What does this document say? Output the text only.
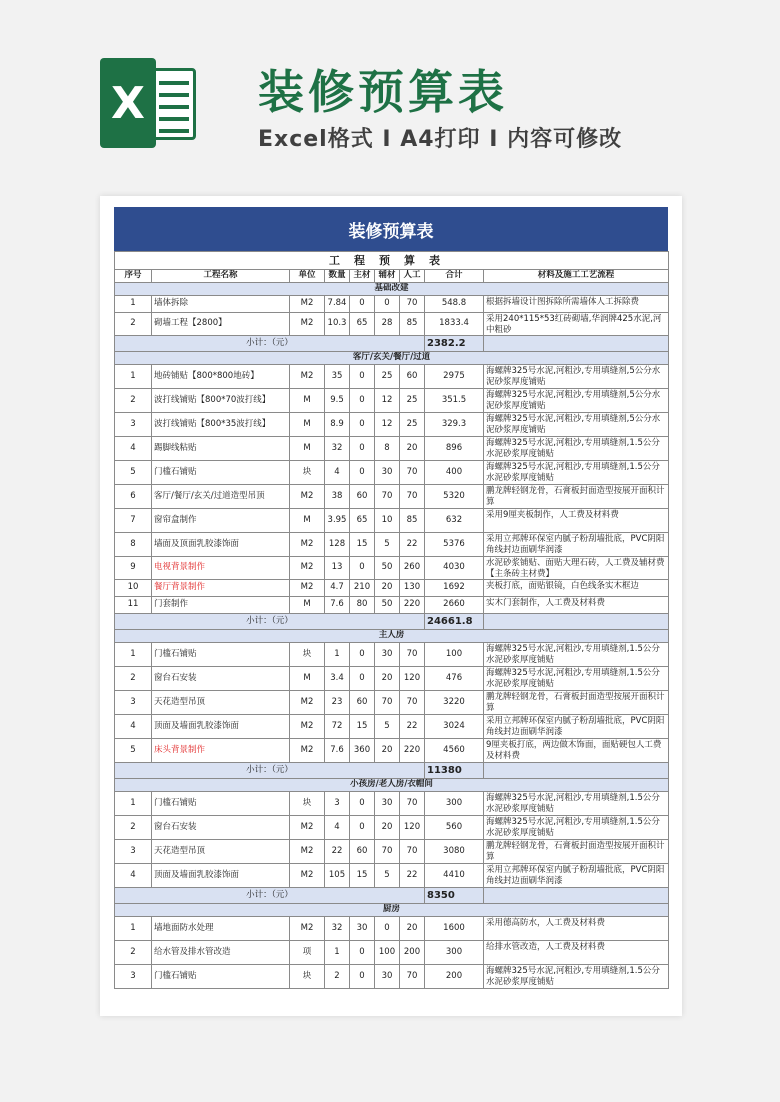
X 装修预算表
Excel格式 Ⅰ A4打印 Ⅰ 内容可修改
装修预算表
工程预算表								
序号	工程名称	单位	数量	主材	辅材	人工	合计	材料及施工工艺流程
基础改建								
1	墙体拆除	M2	7.84	0	0	70	548.8	根据拆墙设计图拆除所需墙体人工拆除费
2	砌墙工程【2800】	M2	10.3	65	28	85	1833.4	采用240*115*53红砖砌墙,华润牌425水泥,河中粗砂
小计：（元）							2382.2	
客厅/玄关/餐厅/过道								
1	地砖铺贴【800*800地砖】	M2	35	0	25	60	2975	海螺牌325号水泥,河粗沙,专用填缝剂,5公分水泥砂浆厚度铺贴
2	波打线铺贴【800*70波打线】	M	9.5	0	12	25	351.5	海螺牌325号水泥,河粗沙,专用填缝剂,5公分水泥砂浆厚度铺贴
3	波打线铺贴【800*35波打线】	M	8.9	0	12	25	329.3	海螺牌325号水泥,河粗沙,专用填缝剂,5公分水泥砂浆厚度铺贴
4	踢脚线粘贴	M	32	0	8	20	896	海螺牌325号水泥,河粗沙,专用填缝剂,1.5公分水泥砂浆厚度铺贴
5	门槛石铺贴	块	4	0	30	70	400	海螺牌325号水泥,河粗沙,专用填缝剂,1.5公分水泥砂浆厚度铺贴
6	客厅/餐厅/玄关/过道造型吊顶	M2	38	60	70	70	5320	鹏龙牌轻钢龙骨，石膏板封面造型按展开面积计算
7	窗帘盒制作	M	3.95	65	10	85	632	采用9厘夹板制作，人工费及材料费
8	墙面及顶面乳胶漆饰面	M2	128	15	5	22	5376	采用立邦牌环保室内腻子粉刮墙批底，PVC阴阳角线封边面刷华润漆
9	电视背景制作	M2	13	0	50	260	4030	水泥砂浆铺贴、面贴大理石砖，人工费及辅材费【主条砖主材费】
10	餐厅背景制作	M2	4.7	210	20	130	1692	夹板打底，面贴银镜，白色线条实木框边
11	门套制作	M	7.6	80	50	220	2660	实木门套制作，人工费及材料费
小计：（元）							24661.8	
主人房								
1	门槛石铺贴	块	1	0	30	70	100	海螺牌325号水泥,河粗沙,专用填缝剂,1.5公分水泥砂浆厚度铺贴
2	窗台石安装	M	3.4	0	20	120	476	海螺牌325号水泥,河粗沙,专用填缝剂,1.5公分水泥砂浆厚度铺贴
3	天花造型吊顶	M2	23	60	70	70	3220	鹏龙牌轻钢龙骨，石膏板封面造型按展开面积计算
4	顶面及墙面乳胶漆饰面	M2	72	15	5	22	3024	采用立邦牌环保室内腻子粉刮墙批底，PVC阴阳角线封边面刷华润漆
5	床头背景制作	M2	7.6	360	20	220	4560	9厘夹板打底，两边做木饰面，面贴硬包人工费及材料费
小计：（元）							11380	
小孩房/老人房/衣帽间								
1	门槛石铺贴	块	3	0	30	70	300	海螺牌325号水泥,河粗沙,专用填缝剂,1.5公分水泥砂浆厚度铺贴
2	窗台石安装	M2	4	0	20	120	560	海螺牌325号水泥,河粗沙,专用填缝剂,1.5公分水泥砂浆厚度铺贴
3	天花造型吊顶	M2	22	60	70	70	3080	鹏龙牌轻钢龙骨，石膏板封面造型按展开面积计算
4	顶面及墙面乳胶漆饰面	M2	105	15	5	22	4410	采用立邦牌环保室内腻子粉刮墙批底，PVC阴阳角线封边面刷华润漆
小计：（元）							8350	
厨房								
1	墙地面防水处理	M2	32	30	0	20	1600	采用德高防水，人工费及材料费
2	给水管及排水管改造	项	1	0	100	200	300	给排水管改造，人工费及材料费
3	门槛石铺贴	块	2	0	30	70	200	海螺牌325号水泥,河粗沙,专用填缝剂,1.5公分水泥砂浆厚度铺贴
